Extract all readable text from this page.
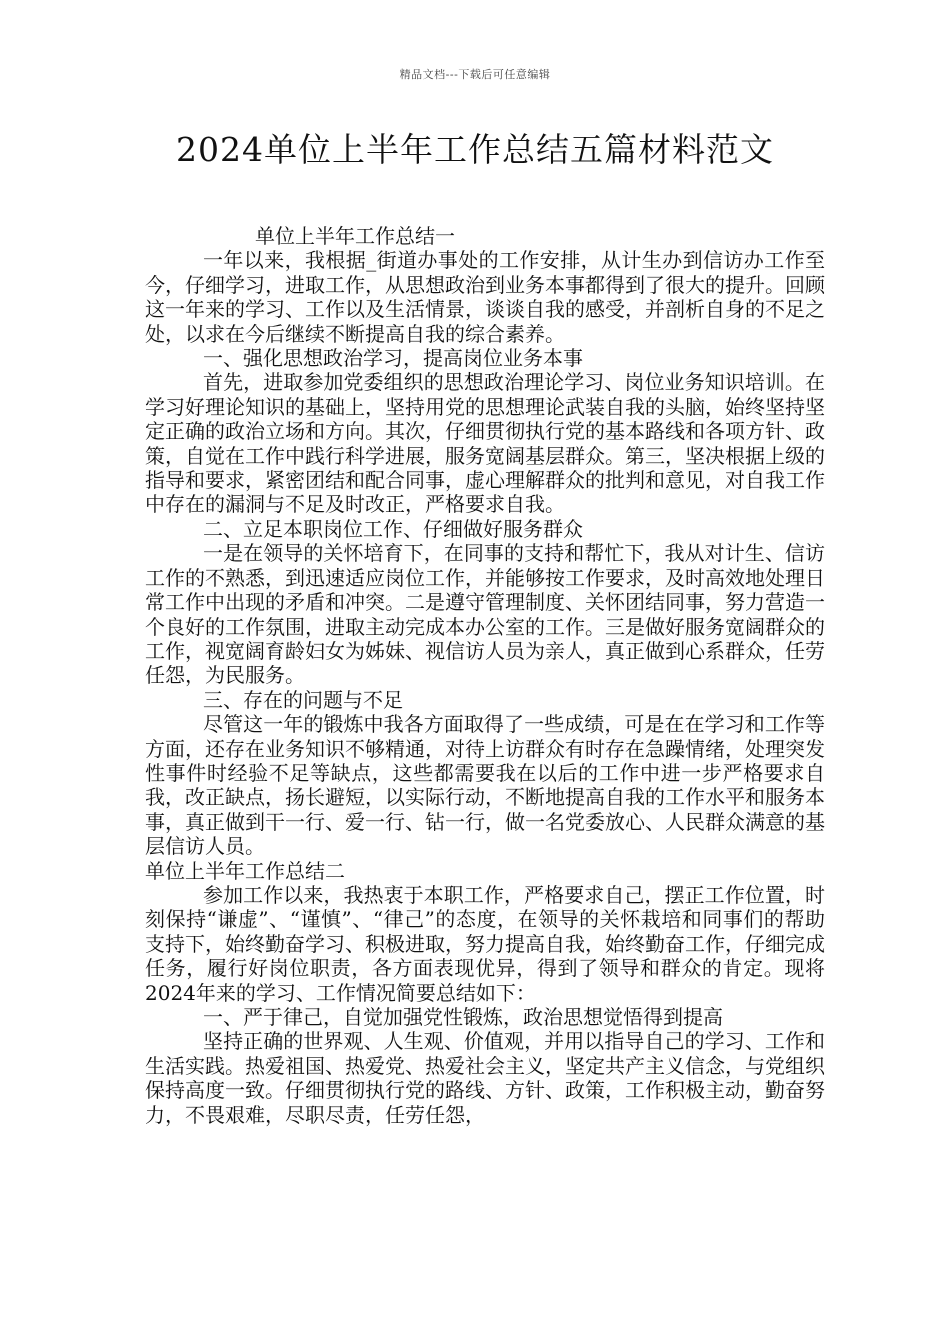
精品文档---下载后可任意编辑
2024单位上半年工作总结五篇材料范文

单位上半年工作总结一

一年以来，我根据_街道办事处的工作安排，从计生办到信访办工作至今，仔细学习，进取工作，从思想政治到业务本事都得到了很大的提升。回顾这一年来的学习、工作以及生活情景，谈谈自我的感受，并剖析自身的不足之处，以求在今后继续不断提高自我的综合素养。

一、强化思想政治学习，提高岗位业务本事

首先，进取参加党委组织的思想政治理论学习、岗位业务知识培训。在学习好理论知识的基础上，坚持用党的思想理论武装自我的头脑，始终坚持坚定正确的政治立场和方向。其次，仔细贯彻执行党的基本路线和各项方针、政策，自觉在工作中践行科学进展，服务宽阔基层群众。第三，坚决根据上级的指导和要求，紧密团结和配合同事，虚心理解群众的批判和意见，对自我工作中存在的漏洞与不足及时改正，严格要求自我。

二、立足本职岗位工作、仔细做好服务群众

一是在领导的关怀培育下，在同事的支持和帮忙下，我从对计生、信访工作的不熟悉，到迅速适应岗位工作，并能够按工作要求，及时高效地处理日常工作中出现的矛盾和冲突。二是遵守管理制度、关怀团结同事，努力营造一个良好的工作氛围，进取主动完成本办公室的工作。三是做好服务宽阔群众的工作，视宽阔育龄妇女为姊妹、视信访人员为亲人，真正做到心系群众，任劳任怨，为民服务。

三、存在的问题与不足

尽管这一年的锻炼中我各方面取得了一些成绩，可是在在学习和工作等方面，还存在业务知识不够精通，对待上访群众有时存在急躁情绪，处理突发性事件时经验不足等缺点，这些都需要我在以后的工作中进一步严格要求自我，改正缺点，扬长避短，以实际行动，不断地提高自我的工作水平和服务本事，真正做到干一行、爱一行、钻一行，做一名党委放心、人民群众满意的基层信访人员。

单位上半年工作总结二

参加工作以来，我热衷于本职工作，严格要求自己，摆正工作位置，时刻保持“谦虚”、“谨慎”、“律己”的态度，在领导的关怀栽培和同事们的帮助支持下，始终勤奋学习、积极进取，努力提高自我，始终勤奋工作，仔细完成任务，履行好岗位职责，各方面表现优异，得到了领导和群众的肯定。现将2024年来的学习、工作情况简要总结如下：

一、严于律己，自觉加强党性锻炼，政治思想觉悟得到提高

坚持正确的世界观、人生观、价值观，并用以指导自己的学习、工作和生活实践。热爱祖国、热爱党、热爱社会主义，坚定共产主义信念，与党组织保持高度一致。仔细贯彻执行党的路线、方针、政策，工作积极主动，勤奋努力，不畏艰难，尽职尽责，任劳任怨，
